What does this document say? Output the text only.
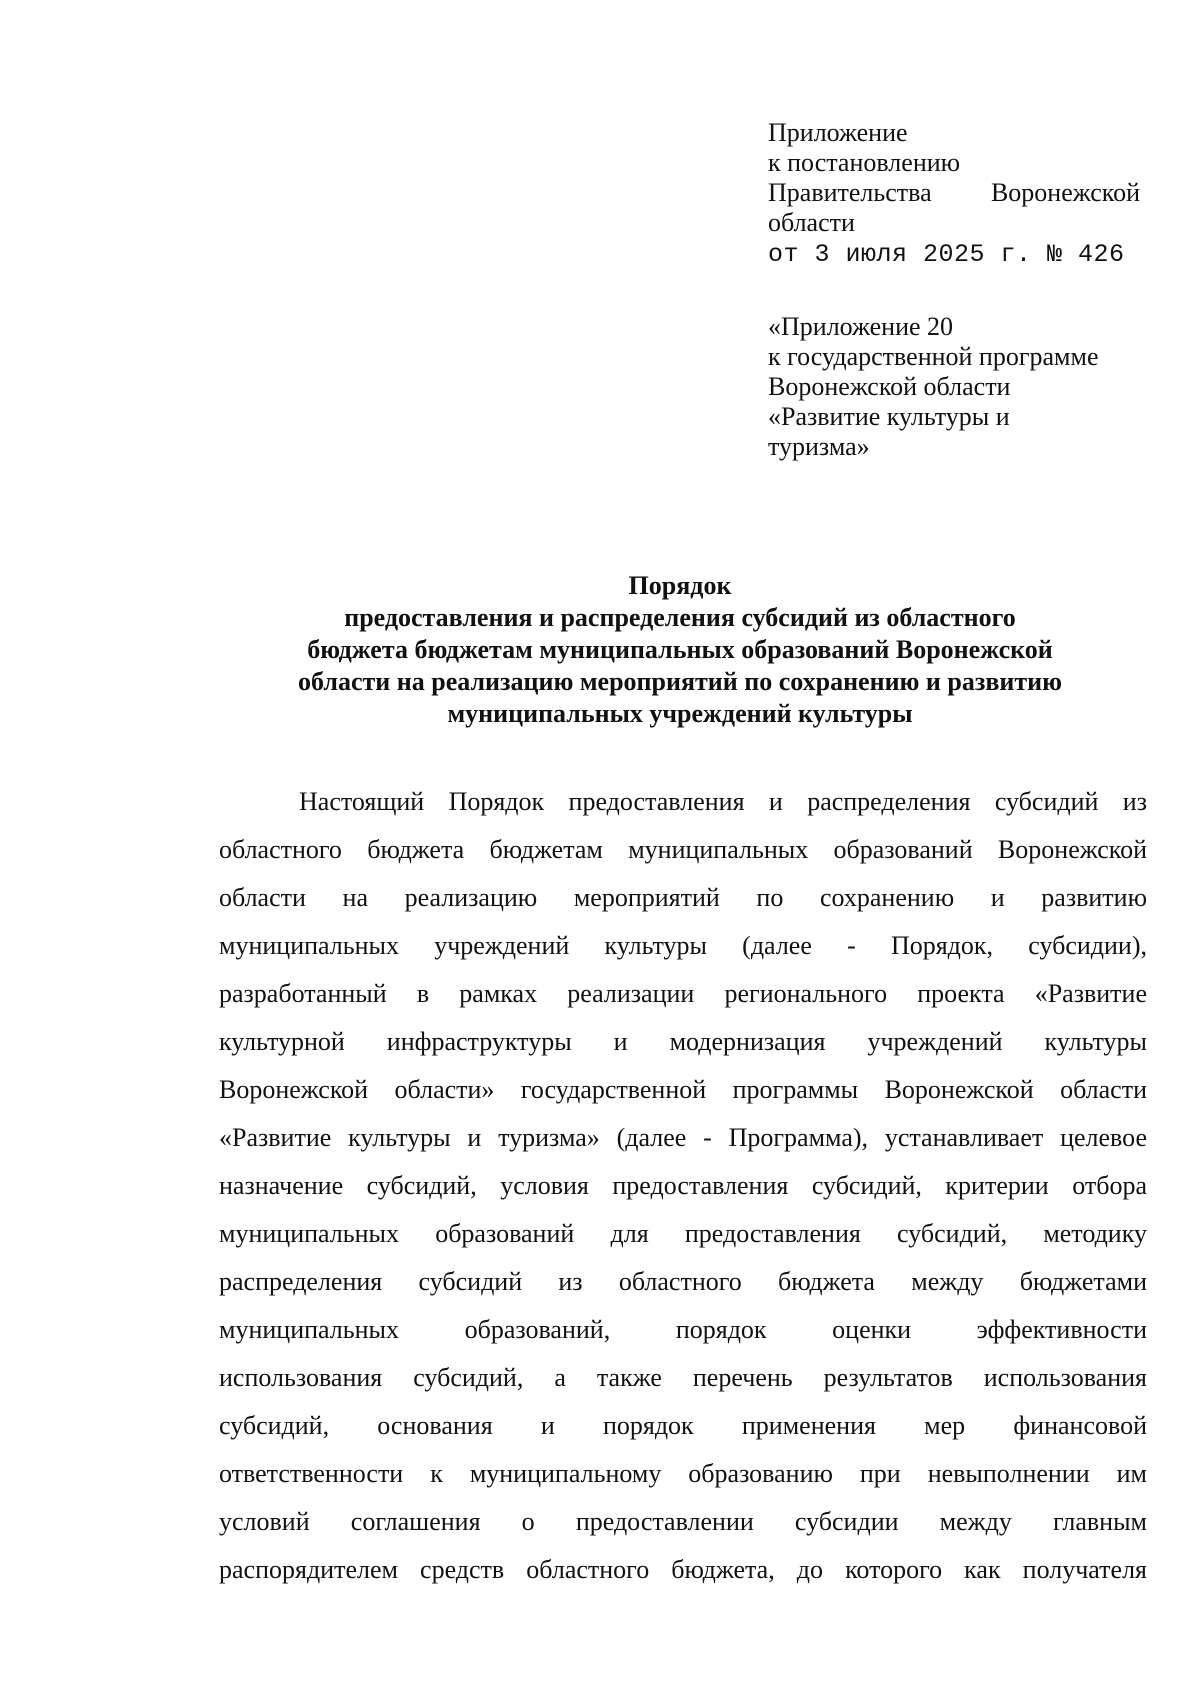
Приложение
к постановлению
Правительства Воронежской
области
от 3 июля 2025 г. № 426
«Приложение 20
к государственной программе
Воронежской области
«Развитие культуры и
туризма»
Порядок
предоставления и распределения субсидий из областного
бюджета бюджетам муниципальных образований Воронежской
области на реализацию мероприятий по сохранению и развитию
муниципальных учреждений культуры
Настоящий Порядок предоставления и распределения субсидий из
областного бюджета бюджетам муниципальных образований Воронежской
области на реализацию мероприятий по сохранению и развитию
муниципальных учреждений культуры (далее - Порядок, субсидии),
разработанный в рамках реализации регионального проекта «Развитие
культурной инфраструктуры и модернизация учреждений культуры
Воронежской области» государственной программы Воронежской области
«Развитие культуры и туризма» (далее - Программа), устанавливает целевое
назначение субсидий, условия предоставления субсидий, критерии отбора
муниципальных образований для предоставления субсидий, методику
распределения субсидий из областного бюджета между бюджетами
муниципальных образований, порядок оценки эффективности
использования субсидий, а также перечень результатов использования
субсидий, основания и порядок применения мер финансовой
ответственности к муниципальному образованию при невыполнении им
условий соглашения о предоставлении субсидии между главным
распорядителем средств областного бюджета, до которого как получателя
